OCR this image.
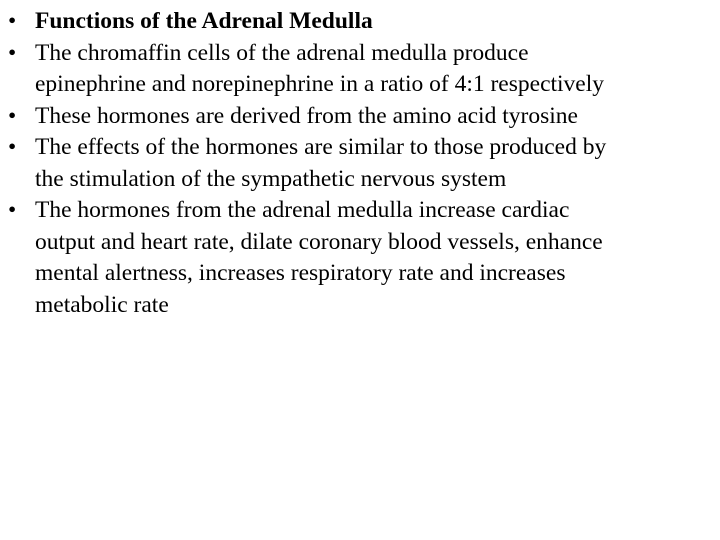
• Functions of the Adrenal Medulla
• The chromaffin cells of the adrenal medulla produce
epinephrine and norepinephrine in a ratio of 4:1 respectively
• These hormones are derived from the amino acid tyrosine
• The effects of the hormones are similar to those produced by
the stimulation of the sympathetic nervous system
• The hormones from the adrenal medulla increase cardiac
output and heart rate, dilate coronary blood vessels, enhance
mental alertness, increases respiratory rate and increases
metabolic rate
